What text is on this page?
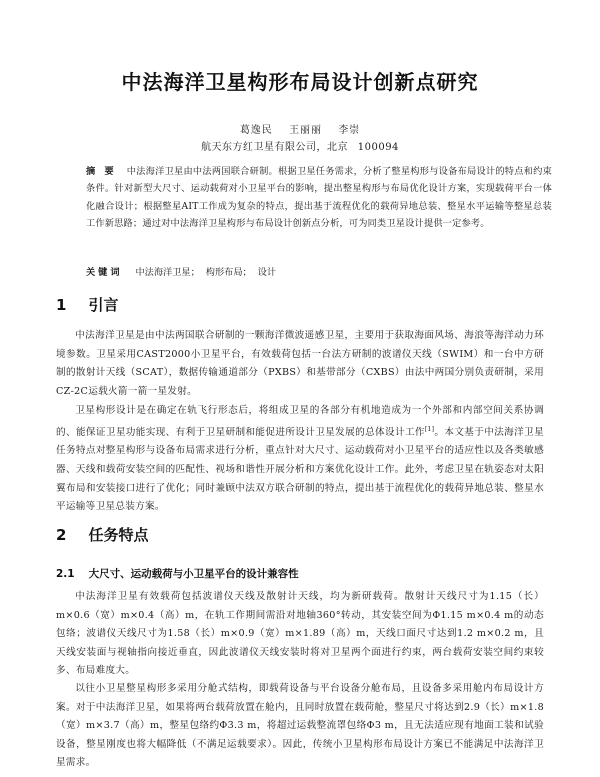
中法海洋卫星构形布局设计创新点研究
葛逸民 王丽丽 李崇
航天东方红卫星有限公司，北京 100094
摘 要 中法海洋卫星由中法两国联合研制。根据卫星任务需求，分析了整星构形与设备布局设计的特点和约束条件。针对新型大尺寸、运动载荷对小卫星平台的影响，提出整星构形与布局优化设计方案，实现载荷平台一体化融合设计；根据整星AIT工作成为复杂的特点，提出基于流程优化的载荷异地总装、整星水平运输等整星总装工作新思路；通过对中法海洋卫星构形与布局设计创新点分析，可为同类卫星设计提供一定参考。
关键词 中法海洋卫星； 构形布局； 设计
1 引言
中法海洋卫星是由中法两国联合研制的一颗海洋微波遥感卫星，主要用于获取海面风场、海浪等海洋动力环境参数。卫星采用CAST2000小卫星平台，有效载荷包括一台法方研制的波谱仪天线（SWIM）和一台中方研制的散射计天线（SCAT），数据传输通道部分（PXBS）和基带部分（CXBS）由法中两国分别负责研制，采用CZ-2C运载火箭一箭一星发射。
卫星构形设计是在确定在轨飞行形态后，将组成卫星的各部分有机地造成为一个外部和内部空间关系协调的、能保证卫星功能实现、有利于卫星研制和能促进所设计卫星发展的总体设计工作[1]。本文基于中法海洋卫星任务特点对整星构形与设备布局需求进行分析，重点针对大尺寸、运动载荷对小卫星平台的适应性以及各类敏感器、天线和载荷安装空间的匹配性、视场和谐性开展分析和方案优化设计工作。此外，考虑卫星在轨姿态对太阳翼布局和安装接口进行了优化；同时兼顾中法双方联合研制的特点，提出基于流程优化的载荷异地总装、整星水平运输等卫星总装方案。
2 任务特点
2.1 大尺寸、运动载荷与小卫星平台的设计兼容性
中法海洋卫星有效载荷包括波谱仪天线及散射计天线，均为新研载荷。散射计天线尺寸为1.15（长）m×0.6（宽）m×0.4（高）m，在轨工作期间需沿对地轴360°转动，其安装空间为Φ1.15 m×0.4 m的动态包络；波谱仪天线尺寸为1.58（长）m×0.9（宽）m×1.89（高）m，天线口面尺寸达到1.2 m×0.2 m，且天线安装面与视轴指向接近垂直，因此波谱仪天线安装时将对卫星两个面进行约束，两台载荷安装空间约束较多、布局难度大。
以往小卫星整星构形多采用分舱式结构，即载荷设备与平台设备分舱布局，且设备多采用舱内布局设计方案。对于中法海洋卫星，如果将两台载荷放置在舱内，且同时放置在载荷舱，整星尺寸将达到2.9（长）m×1.8（宽）m×3.7（高）m，整星包络约Φ3.3 m，将超过运载整流罩包络Φ3 m，且无法适应现有地面工装和试验设备，整星刚度也将大幅降低（不满足运载要求）。因此，传统小卫星构形布局设计方案已不能满足中法海洋卫星需求。
